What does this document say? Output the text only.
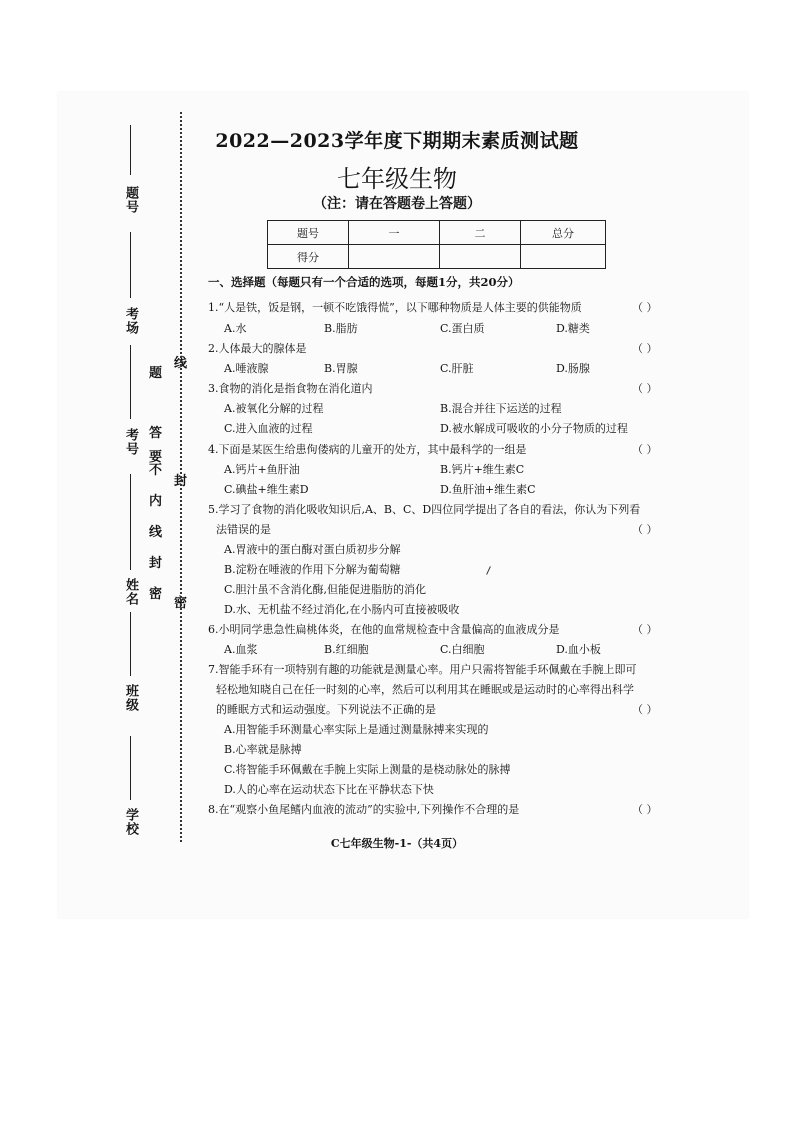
题号
考场
考号
姓名
班级
学校
题
答
要
不
内
线
封
密
线
封
密
2022—2023学年度下期期末素质测试题
七年级生物
（注：请在答题卷上答题）
题号	一	二	总分
得分			
一、选择题（每题只有一个合适的选项，每题1分，共20分）
1.“人是铁，饭是钢，一顿不吃饿得慌”，以下哪种物质是人体主要的供能物质	（ ）
A.水	B.脂肪	C.蛋白质	D.糖类
2.人体最大的腺体是	（ ）
A.唾液腺	B.胃腺	C.肝脏	D.肠腺
3.食物的消化是指食物在消化道内	（ ）
A.被氧化分解的过程	B.混合并往下运送的过程
C.进入血液的过程	D.被水解成可吸收的小分子物质的过程
4.下面是某医生给患佝偻病的儿童开的处方，其中最科学的一组是	（ ）
A.钙片+鱼肝油	B.钙片+维生素C
C.碘盐+维生素D	D.鱼肝油+维生素C
5.学习了食物的消化吸收知识后,A、B、C、D四位同学提出了各自的看法，你认为下列看
法错误的是	（ ）
A.胃液中的蛋白酶对蛋白质初步分解
B.淀粉在唾液的作用下分解为葡萄糖
C.胆汁虽不含消化酶,但能促进脂肪的消化
D.水、无机盐不经过消化,在小肠内可直接被吸收
6.小明同学患急性扁桃体炎，在他的血常规检查中含量偏高的血液成分是	（ ）
A.血浆	B.红细胞	C.白细胞	D.血小板
7.智能手环有一项特别有趣的功能就是测量心率。用户只需将智能手环佩戴在手腕上即可
轻松地知晓自己在任一时刻的心率，然后可以利用其在睡眠或是运动时的心率得出科学
的睡眠方式和运动强度。下列说法不正确的是	（ ）
A.用智能手环测量心率实际上是通过测量脉搏来实现的
B.心率就是脉搏
C.将智能手环佩戴在手腕上实际上测量的是桡动脉处的脉搏
D.人的心率在运动状态下比在平静状态下快
8.在“观察小鱼尾鳍内血液的流动”的实验中,下列操作不合理的是	（ ）
C七年级生物-1-（共4页）
